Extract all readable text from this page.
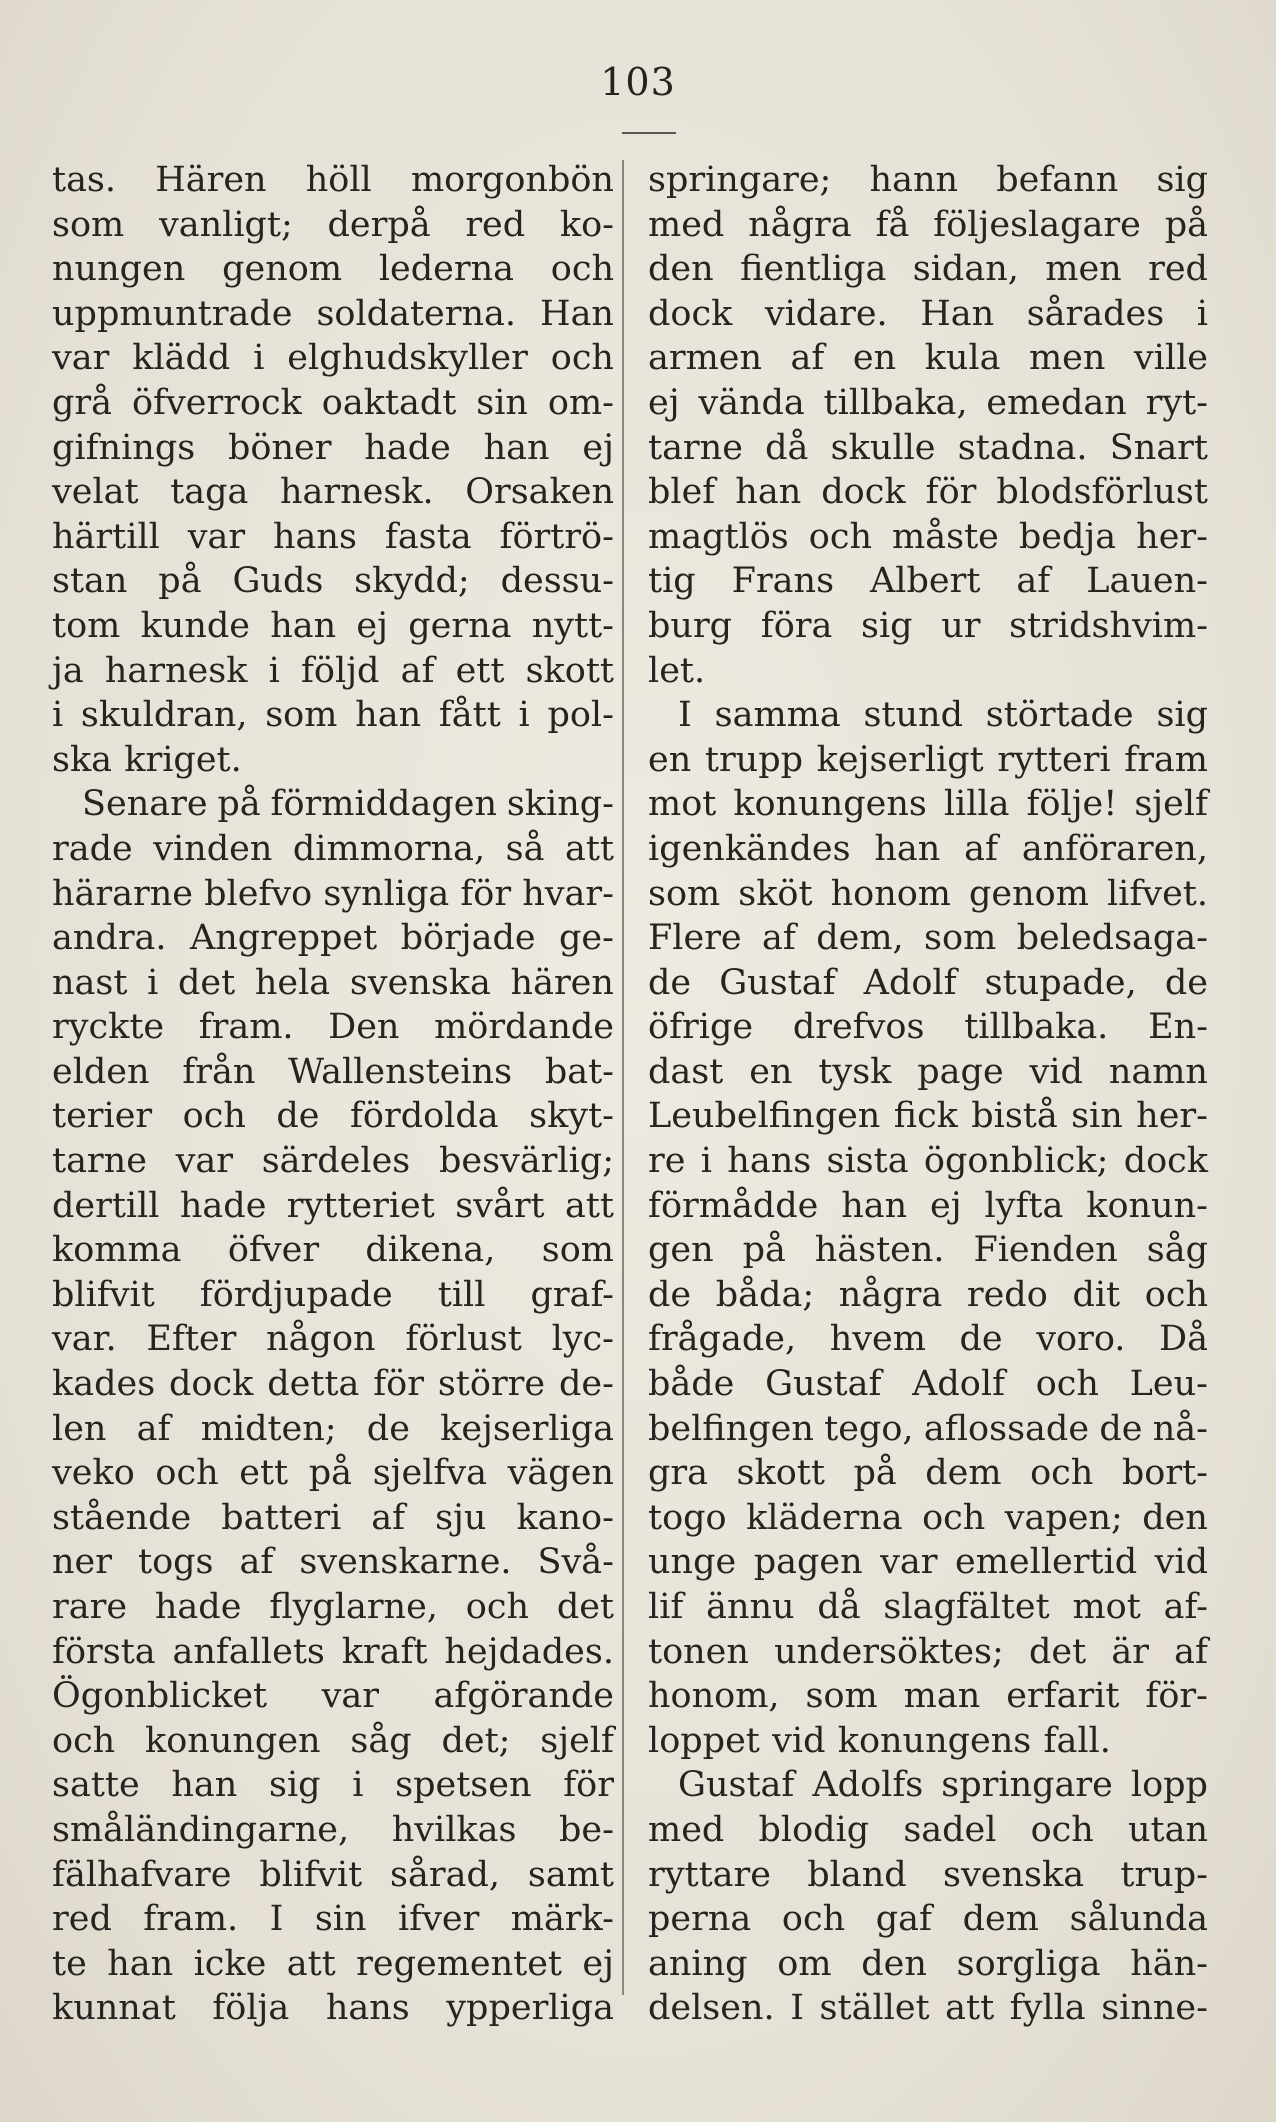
103
tas. Hären höll morgonbön
som vanligt; derpå red ko-
nungen genom lederna och
uppmuntrade soldaterna. Han
var klädd i elghudskyller och
grå öfverrock oaktadt sin om-
gifnings böner hade han ej
velat taga harnesk. Orsaken
härtill var hans fasta förtrö-
stan på Guds skydd; dessu-
tom kunde han ej gerna nytt-
ja harnesk i följd af ett skott
i skuldran, som han fått i pol-
ska kriget.
Senare på förmiddagen sking-
rade vinden dimmorna, så att
härarne blefvo synliga för hvar-
andra. Angreppet började ge-
nast i det hela svenska hären
ryckte fram. Den mördande
elden från Wallensteins bat-
terier och de fördolda skyt-
tarne var särdeles besvärlig;
dertill hade rytteriet svårt att
komma öfver dikena, som
blifvit fördjupade till graf-
var. Efter någon förlust lyc-
kades dock detta för större de-
len af midten; de kejserliga
veko och ett på sjelfva vägen
stående batteri af sju kano-
ner togs af svenskarne. Svå-
rare hade flyglarne, och det
första anfallets kraft hejdades.
Ögonblicket var afgörande
och konungen såg det; sjelf
satte han sig i spetsen för
småländingarne, hvilkas be-
fälhafvare blifvit sårad, samt
red fram. I sin ifver märk-
te han icke att regementet ej
kunnat följa hans ypperliga
springare; hann befann sig
med några få följeslagare på
den fientliga sidan, men red
dock vidare. Han sårades i
armen af en kula men ville
ej vända tillbaka, emedan ryt-
tarne då skulle stadna. Snart
blef han dock för blodsförlust
magtlös och måste bedja her-
tig Frans Albert af Lauen-
burg föra sig ur stridshvim-
let.
I samma stund störtade sig
en trupp kejserligt rytteri fram
mot konungens lilla följe! sjelf
igenkändes han af anföraren,
som sköt honom genom lifvet.
Flere af dem, som beledsaga-
de Gustaf Adolf stupade, de
öfrige drefvos tillbaka. En-
dast en tysk page vid namn
Leubelfingen fick bistå sin her-
re i hans sista ögonblick; dock
förmådde han ej lyfta konun-
gen på hästen. Fienden såg
de båda; några redo dit och
frågade, hvem de voro. Då
både Gustaf Adolf och Leu-
belfingen tego, aflossade de nå-
gra skott på dem och bort-
togo kläderna och vapen; den
unge pagen var emellertid vid
lif ännu då slagfältet mot af-
tonen undersöktes; det är af
honom, som man erfarit för-
loppet vid konungens fall.
Gustaf Adolfs springare lopp
med blodig sadel och utan
ryttare bland svenska trup-
perna och gaf dem sålunda
aning om den sorgliga hän-
delsen. I stället att fylla sinne-
